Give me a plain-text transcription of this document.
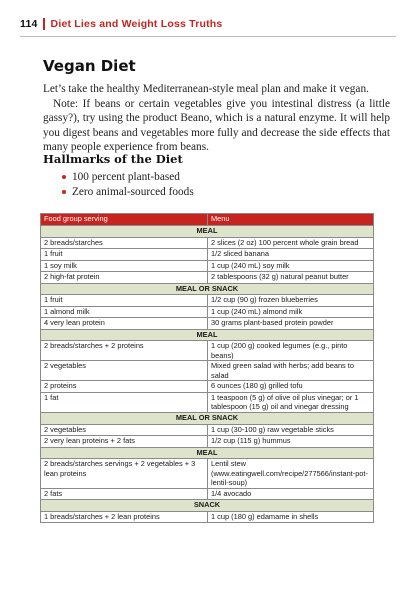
114 Diet Lies and Weight Loss Truths
Vegan Diet

Let’s take the healthy Mediterranean-style meal plan and make it vegan.

Note: If beans or certain vegetables give you intestinal distress (a little gassy?), try using the product Beano, which is a natural enzyme. It will help you digest beans and vegetables more fully and decrease the side effects that many people experience from beans.

Hallmarks of the Diet
100 percent plant-based
Zero animal-sourced foods
Food group serving	Menu
MEAL	
2 breads/starches	2 slices (2 oz) 100 percent whole grain bread
1 fruit	1/2 sliced banana
1 soy milk	1 cup (240 mL) soy milk
2 high-fat protein	2 tablespoons (32 g) natural peanut butter
MEAL OR SNACK	
1 fruit	1/2 cup (90 g) frozen blueberries
1 almond milk	1 cup (240 mL) almond milk
4 very lean protein	30 grams plant-based protein powder
MEAL	
2 breads/starches + 2 proteins	1 cup (200 g) cooked legumes (e.g., pinto beans)
2 vegetables	Mixed green salad with herbs; add beans to salad
2 proteins	6 ounces (180 g) grilled tofu
1 fat	1 teaspoon (5 g) of olive oil plus vinegar; or 1 tablespoon (15 g) oil and vinegar dressing
MEAL OR SNACK	
2 vegetables	1 cup (30-100 g) raw vegetable sticks
2 very lean proteins + 2 fats	1/2 cup (115 g) hummus
MEAL	
2 breads/starches servings + 2 vegetables + 3 lean proteins	Lentil stew (www.eatingwell.com/recipe/277566/instant-pot-lentil-soup)
2 fats	1/4 avocado
SNACK	
1 breads/starches + 2 lean proteins	1 cup (180 g) edamame in shells
